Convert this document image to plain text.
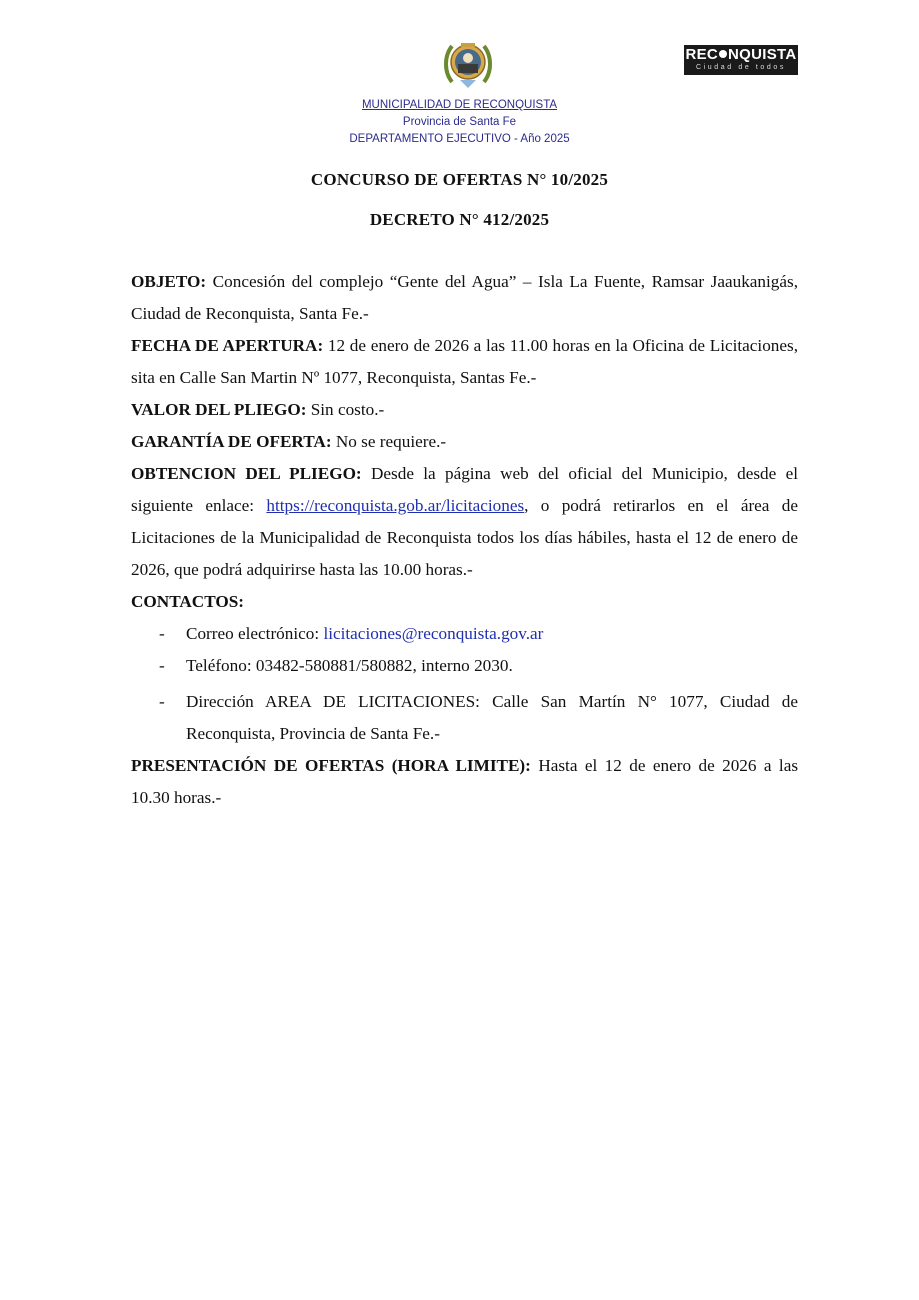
REC NQUISTA
Ciudad de todos
MUNICIPALIDAD DE RECONQUISTA
Provincia de Santa Fe
DEPARTAMENTO EJECUTIVO - Año 2025
CONCURSO DE OFERTAS N° 10/2025
DECRETO N° 412/2025

OBJETO: Concesión del complejo “Gente del Agua” – Isla La Fuente, Ramsar Jaaukanigás, Ciudad de Reconquista, Santa Fe.-

FECHA DE APERTURA: 12 de enero de 2026 a las 11.00 horas en la Oficina de Licitaciones, sita en Calle San Martin Nº 1077, Reconquista, Santas Fe.-

VALOR DEL PLIEGO: Sin costo.-

GARANTÍA DE OFERTA: No se requiere.-

OBTENCION DEL PLIEGO: Desde la página web del oficial del Municipio, desde el siguiente enlace: https://reconquista.gob.ar/licitaciones, o podrá retirarlos en el área de Licitaciones de la Municipalidad de Reconquista todos los días hábiles, hasta el 12 de enero de 2026, que podrá adquirirse hasta las 10.00 horas.-

CONTACTOS:

- Correo electrónico: licitaciones@reconquista.gov.ar
- Teléfono: 03482-580881/580882, interno 2030.
- Dirección AREA DE LICITACIONES: Calle San Martín N° 1077, Ciudad de Reconquista, Provincia de Santa Fe.-

PRESENTACIÓN DE OFERTAS (HORA LIMITE): Hasta el 12 de enero de 2026 a las 10.30 horas.-
